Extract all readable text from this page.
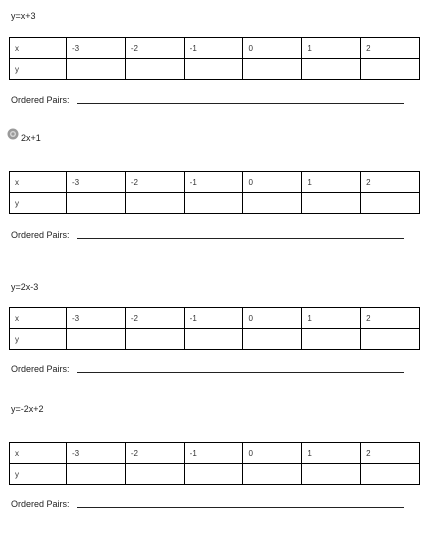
y=x+3
x	-3	-2	-1	0	1	2
y						
Ordered Pairs:
2x+1
x	-3	-2	-1	0	1	2
y						
Ordered Pairs:
y=2x-3
x	-3	-2	-1	0	1	2
y						
Ordered Pairs:
y=-2x+2
x	-3	-2	-1	0	1	2
y						
Ordered Pairs:
